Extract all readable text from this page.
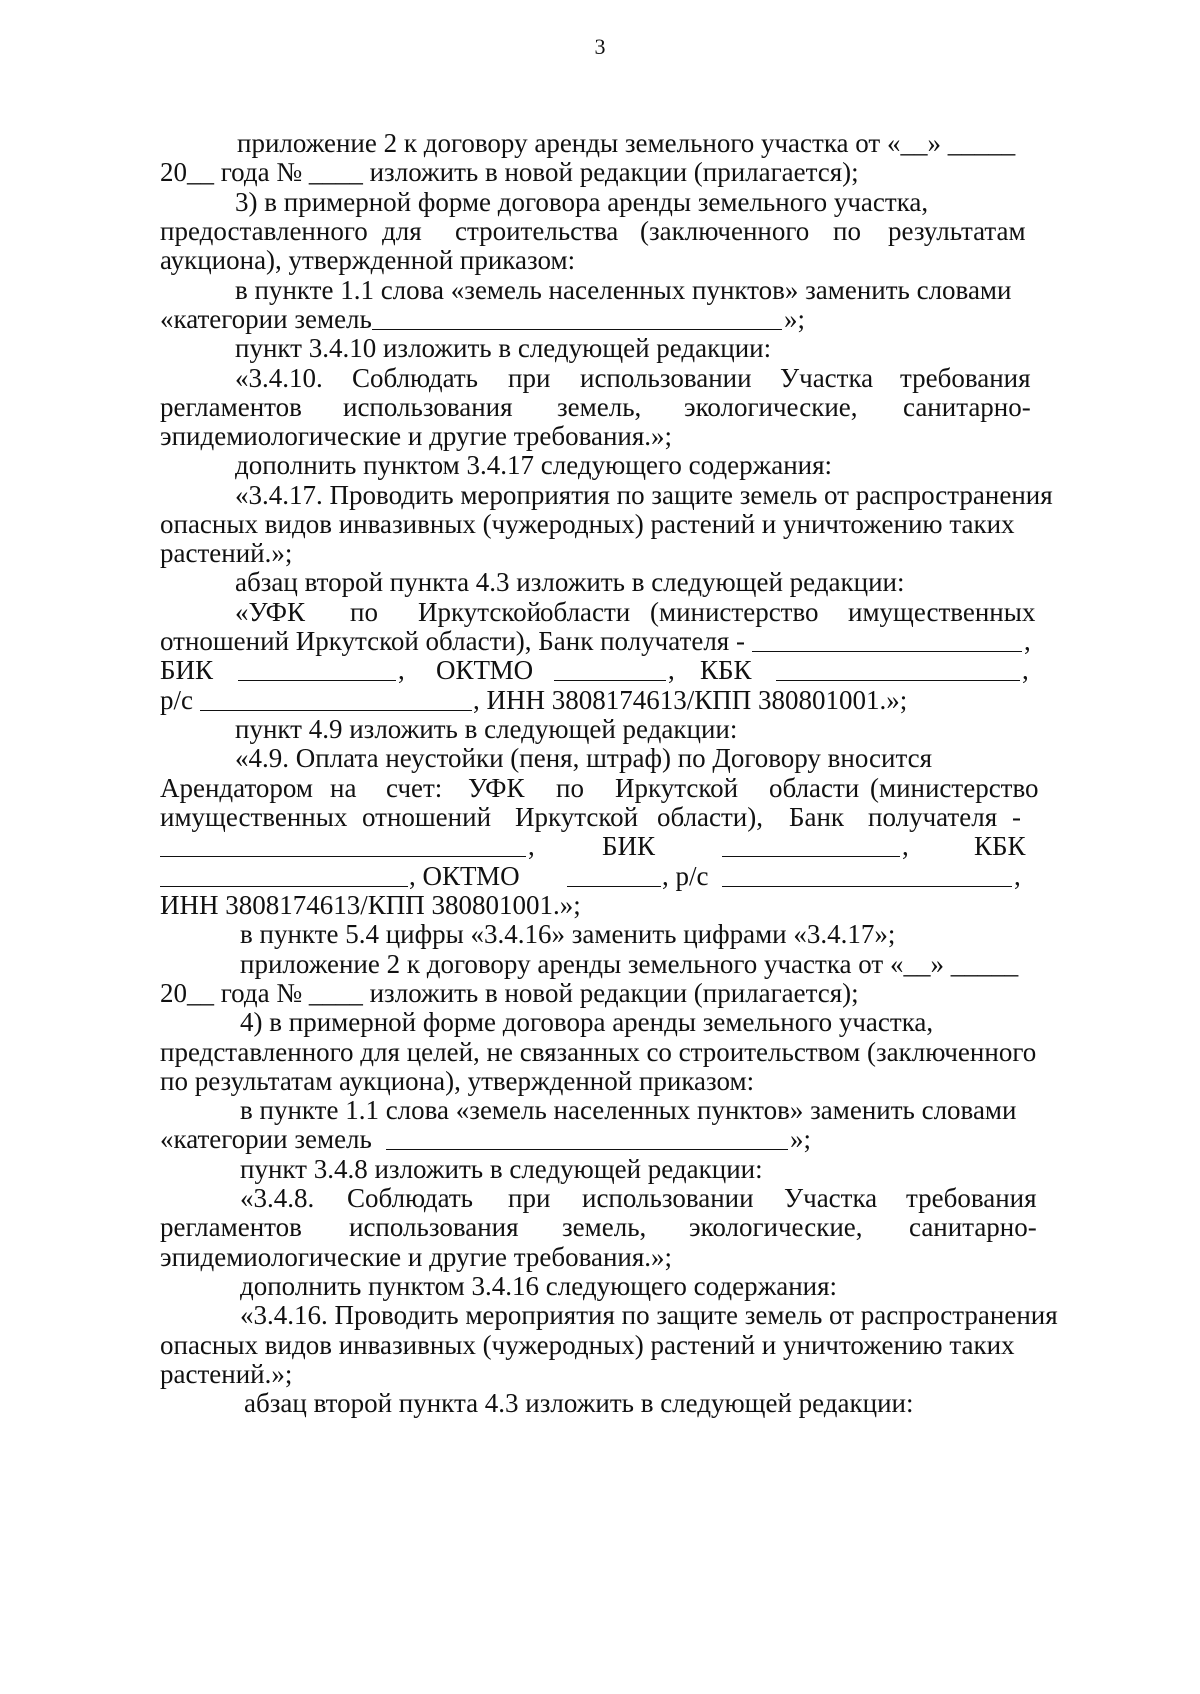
3
приложение 2 к договору аренды земельного участка от «__» _____
20__ года № ____ изложить в новой редакции (прилагается);
3) в примерной форме договора аренды земельного участка,
предоставленного для строительства (заключенного по результатам
аукциона), утвержденной приказом:
в пункте 1.1 слова «земель населенных пунктов» заменить словами
«категории земель	»;
пункт 3.4.10 изложить в следующей редакции:
«3.4.10. Соблюдать при использовании Участка требования
регламентов использования земель, экологические, санитарно-
эпидемиологические и другие требования.»;
дополнить пунктом 3.4.17 следующего содержания:
«3.4.17. Проводить мероприятия по защите земель от распространения
опасных видов инвазивных (чужеродных) растений и уничтожению таких
растений.»;
абзац второй пункта 4.3 изложить в следующей редакции:
«УФК по Иркутской
области (министерство имущественных
отношений Иркутской области), Банк получателя -	,
БИК	, ОКТМО	, КБК	,
р/с	, ИНН 3808174613/КПП 380801001.»;
пункт 4.9 изложить в следующей редакции:
«4.9. Оплата неустойки (пеня, штраф) по Договору вносится
Арендатором на счет: УФК по Иркутской области (министерство
имущественных отношений Иркутской области), Банк получателя -
, БИК	, КБК
, ОКТМО	, р/с	,
ИНН 3808174613/КПП 380801001.»;
в пункте 5.4 цифры «3.4.16» заменить цифрами «3.4.17»;
приложение 2 к договору аренды земельного участка от «__» _____
20__ года № ____ изложить в новой редакции (прилагается);
4) в примерной форме договора аренды земельного участка,
представленного для целей, не связанных со строительством (заключенного
по результатам аукциона), утвержденной приказом:
в пункте 1.1 слова «земель населенных пунктов» заменить словами
«категории земель	»;
пункт 3.4.8 изложить в следующей редакции:
«3.4.8. Соблюдать при использовании Участка требования
регламентов использования земель, экологические, санитарно-
эпидемиологические и другие требования.»;
дополнить пунктом 3.4.16 следующего содержания:
«3.4.16. Проводить мероприятия по защите земель от распространения
опасных видов инвазивных (чужеродных) растений и уничтожению таких
растений.»;
абзац второй пункта 4.3 изложить в следующей редакции:
